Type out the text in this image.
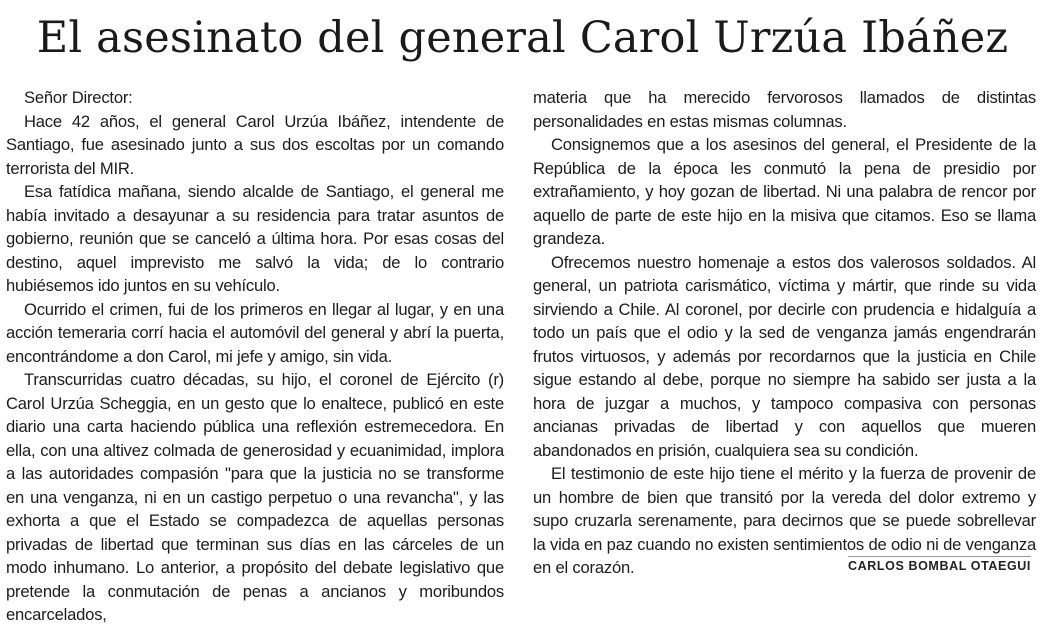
El asesinato del general Carol Urzúa Ibáñez

Señor Director:

Hace 42 años, el general Carol Urzúa Ibáñez, intendente de Santiago, fue asesinado junto a sus dos escoltas por un comando terrorista del MIR.

Esa fatídica mañana, siendo alcalde de Santiago, el general me había invitado a desayunar a su residencia para tratar asuntos de gobierno, reunión que se canceló a última hora. Por esas cosas del destino, aquel imprevisto me salvó la vida; de lo contrario hubiésemos ido juntos en su vehículo.

Ocurrido el crimen, fui de los primeros en llegar al lugar, y en una acción temeraria corrí hacia el automóvil del general y abrí la puerta, encontrándome a don Carol, mi jefe y amigo, sin vida.

Transcurridas cuatro décadas, su hijo, el coronel de Ejército (r) Carol Urzúa Scheggia, en un gesto que lo enaltece, publicó en este diario una carta haciendo pública una reflexión estremecedora. En ella, con una altivez colmada de generosidad y ecuanimidad, implora a las autoridades compasión "para que la justicia no se transforme en una venganza, ni en un castigo perpetuo o una revancha", y las exhorta a que el Estado se compadezca de aquellas personas privadas de libertad que terminan sus días en las cárceles de un modo inhumano. Lo anterior, a propósito del debate legislativo que pretende la conmutación de penas a ancianos y moribundos encarcelados,

materia que ha merecido fervorosos llamados de distintas personalidades en estas mismas columnas.

Consignemos que a los asesinos del general, el Presidente de la República de la época les conmutó la pena de presidio por extrañamiento, y hoy gozan de libertad. Ni una palabra de rencor por aquello de parte de este hijo en la misiva que citamos. Eso se llama grandeza.

Ofrecemos nuestro homenaje a estos dos valerosos soldados. Al general, un patriota carismático, víctima y mártir, que rinde su vida sirviendo a Chile. Al coronel, por decirle con prudencia e hidalguía a todo un país que el odio y la sed de venganza jamás engendrarán frutos virtuosos, y además por recordarnos que la justicia en Chile sigue estando al debe, porque no siempre ha sabido ser justa a la hora de juzgar a muchos, y tampoco compasiva con personas ancianas privadas de libertad y con aquellos que mueren abandonados en prisión, cualquiera sea su condición.

El testimonio de este hijo tiene el mérito y la fuerza de provenir de un hombre de bien que transitó por la vereda del dolor extremo y supo cruzarla serenamente, para decirnos que se puede sobrellevar la vida en paz cuando no existen sentimientos de odio ni de venganza en el corazón.	CARLOS BOMBAL OTAEGUI
